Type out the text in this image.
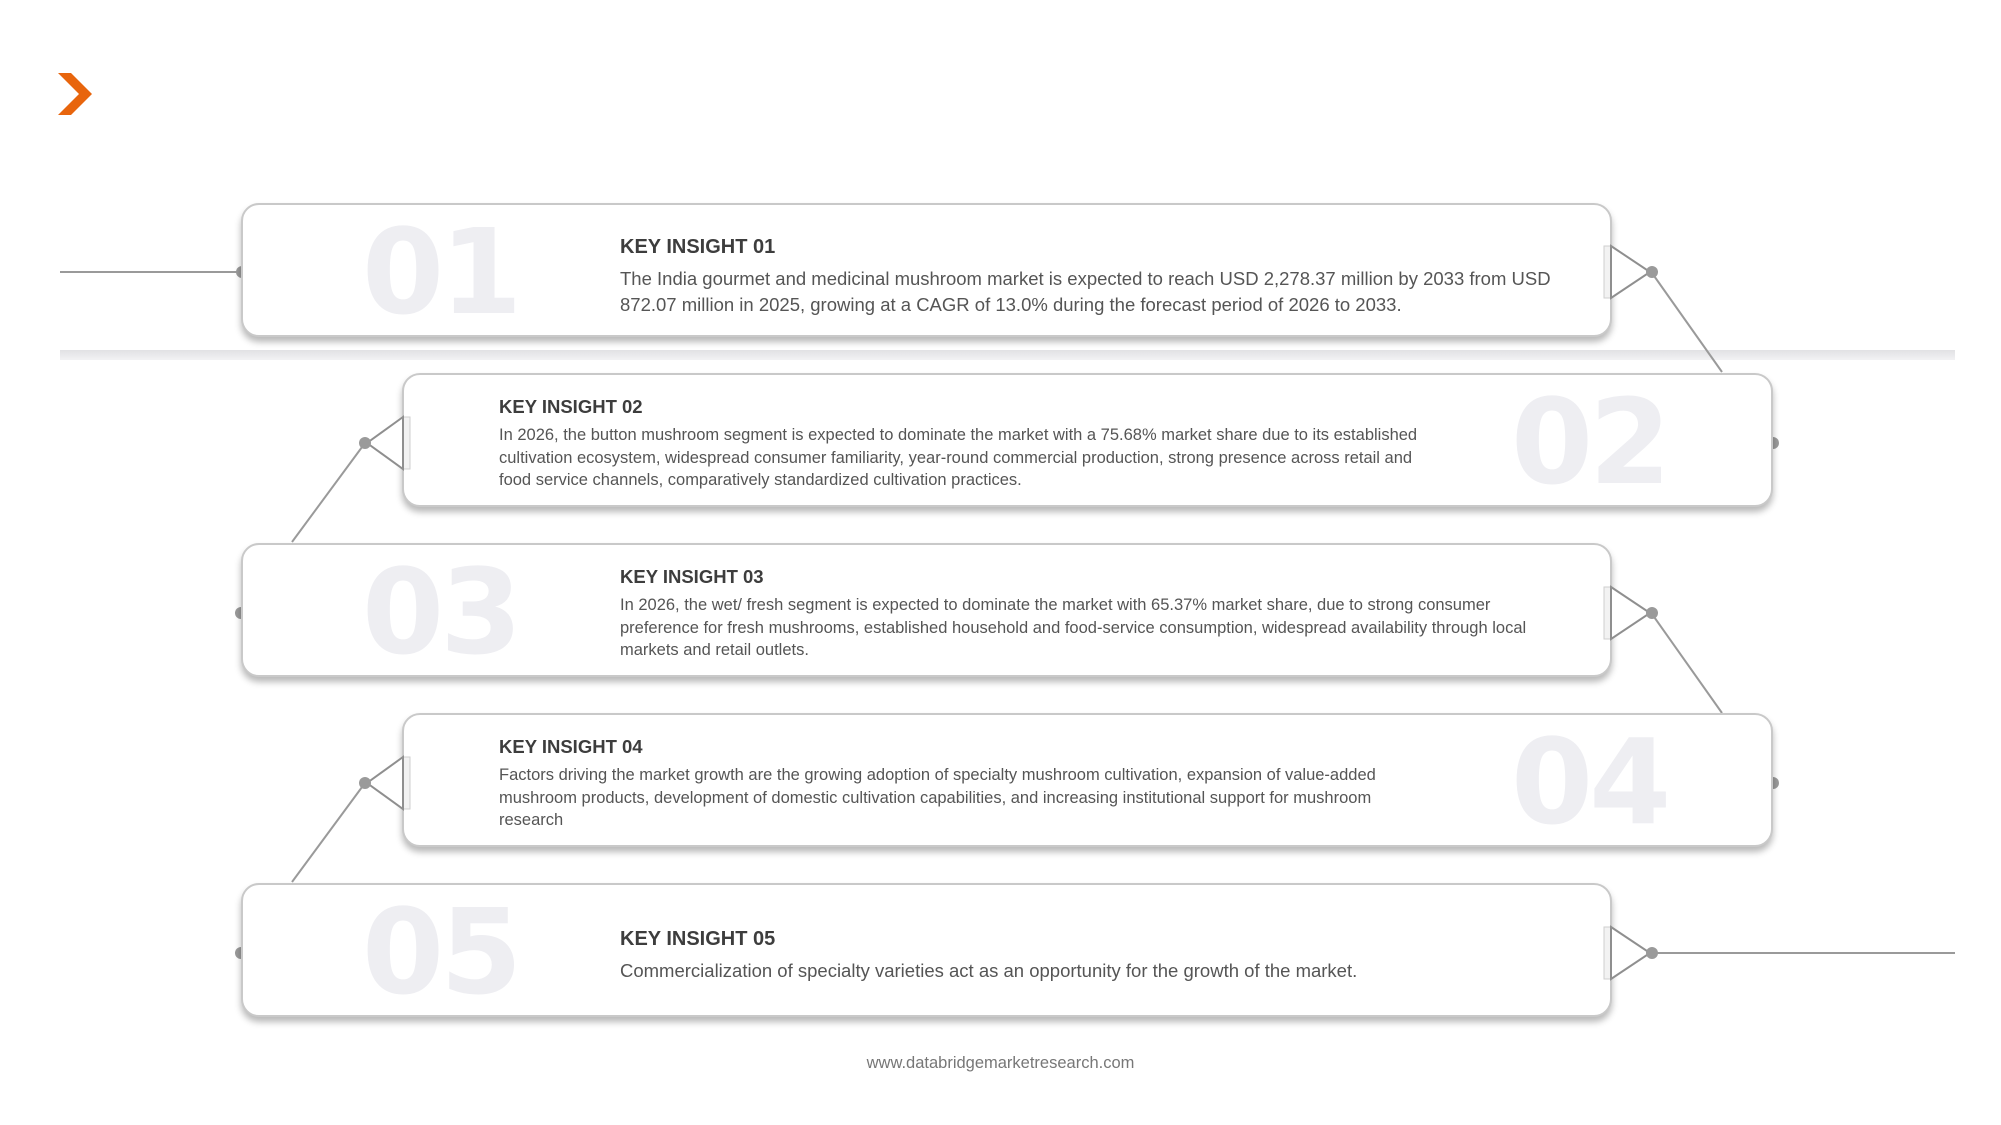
01	KEY INSIGHT 01

The India gourmet and medicinal mushroom market is expected to reach USD 2,278.37 million by 2033 from USD 872.07 million in 2025, growing at a CAGR of 13.0% during the forecast period of 2026 to 2033.

02

KEY INSIGHT 02

In 2026, the button mushroom segment is expected to dominate the market with a 75.68% market share due to its established cultivation ecosystem, widespread consumer familiarity, year-round commercial production, strong presence across retail and food service channels, comparatively standardized cultivation practices.

03	KEY INSIGHT 03

In 2026, the wet/ fresh segment is expected to dominate the market with 65.37% market share, due to strong consumer preference for fresh mushrooms, established household and food-service consumption, widespread availability through local markets and retail outlets.

04

KEY INSIGHT 04

Factors driving the market growth are the growing adoption of specialty mushroom cultivation, expansion of value-added mushroom products, development of domestic cultivation capabilities, and increasing institutional support for mushroom research

05	KEY INSIGHT 05

Commercialization of specialty varieties act as an opportunity for the growth of the market.

www.databridgemarketresearch.com
